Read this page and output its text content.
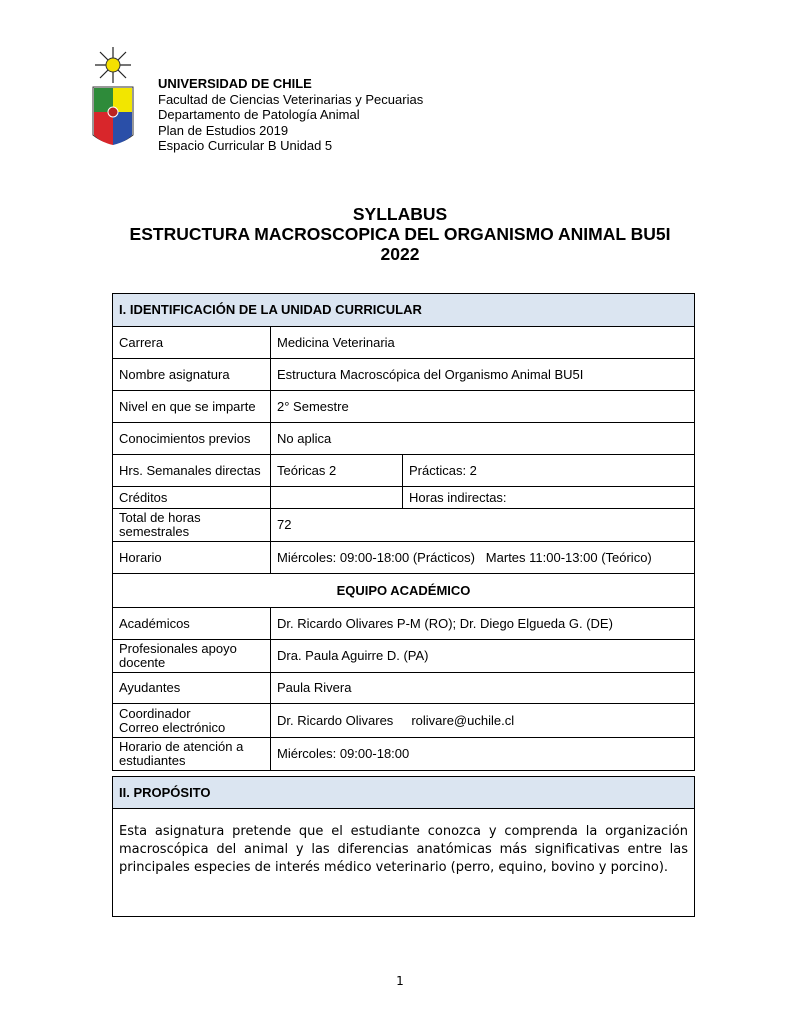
UNIVERSIDAD DE CHILE
Facultad de Ciencias Veterinarias y Pecuarias
Departamento de Patología Animal
Plan de Estudios 2019
Espacio Curricular B Unidad 5
SYLLABUS
ESTRUCTURA MACROSCOPICA DEL ORGANISMO ANIMAL BU5I
2022
I. IDENTIFICACIÓN DE LA UNIDAD CURRICULAR		
Carrera	Medicina Veterinaria	
Nombre asignatura	Estructura Macroscópica del Organismo Animal BU5I	
Nivel en que se imparte	2° Semestre	
Conocimientos previos	No aplica	
Hrs. Semanales directas	Teóricas 2	Prácticas: 2
Créditos		Horas indirectas:
Total de horas semestrales	72	
Horario	Miércoles: 09:00-18:00 (Prácticos)   Martes 11:00-13:00 (Teórico)	
EQUIPO ACADÉMICO		
Académicos	Dr. Ricardo Olivares P-M (RO); Dr. Diego Elgueda G. (DE)	
Profesionales apoyo docente	Dra. Paula Aguirre D. (PA)	
Ayudantes	Paula Rivera	

Coordinador
Correo electrónico	Dr. Ricardo Olivares rolivare@uchile.cl	
Horario de atención a estudiantes	Miércoles: 09:00-18:00	
II. PROPÓSITO
Esta asignatura pretende que el estudiante conozca y comprenda la organización macroscópica del animal y las diferencias anatómicas más significativas entre las principales especies de interés médico veterinario (perro, equino, bovino y porcino).
1
